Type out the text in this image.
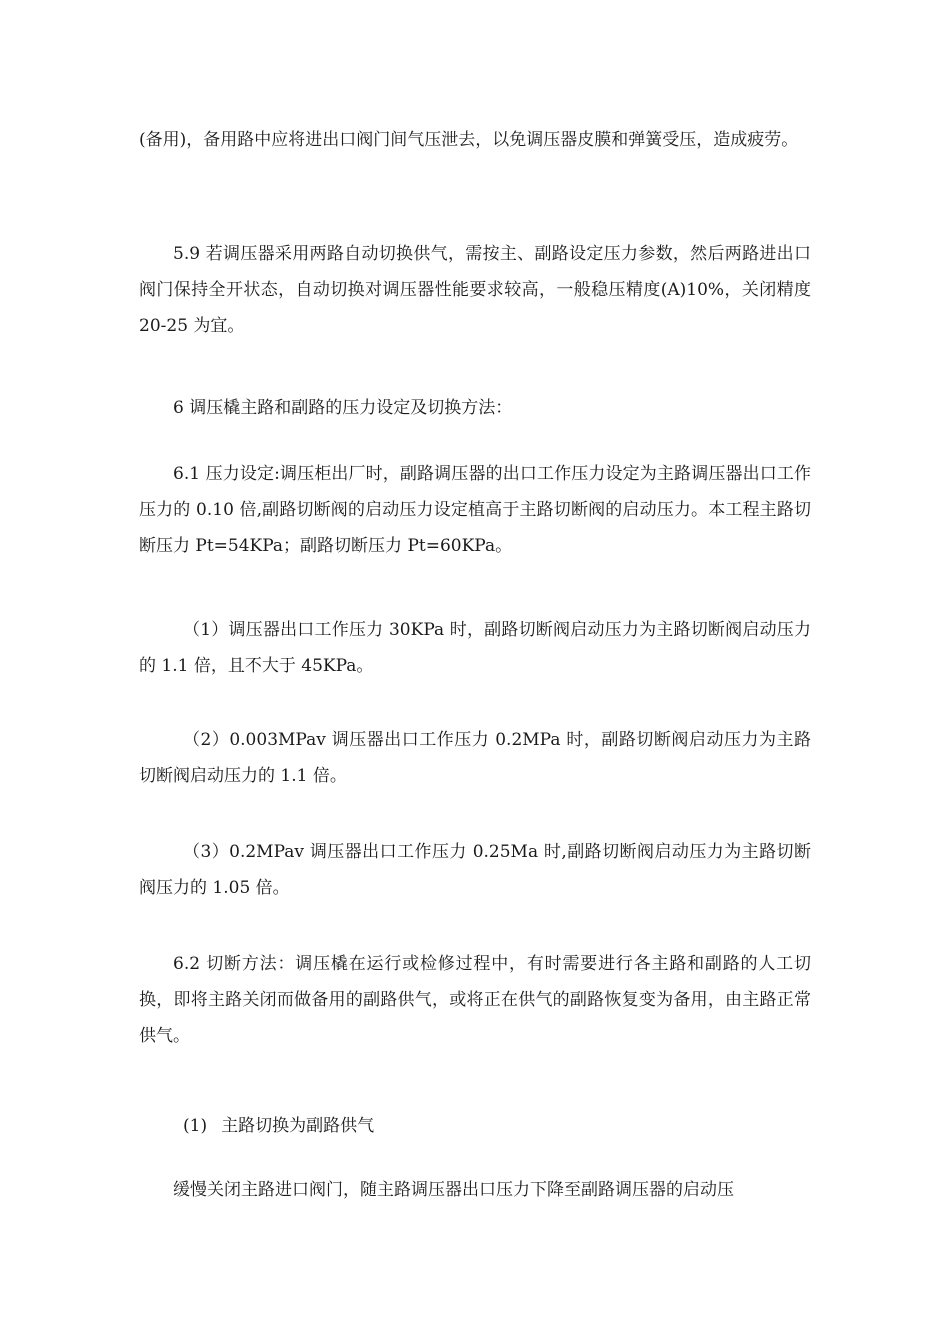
(备用)，备用路中应将进出口阀门间气压泄去，以免调压器皮膜和弹簧受压，造成疲劳。

5.9 若调压器采用两路自动切换供气，需按主、副路设定压力参数，然后两路进出口阀门保持全开状态，自动切换对调压器性能要求较高，一般稳压精度(A)10%，关闭精度 20-25 为宜。

6 调压橇主路和副路的压力设定及切换方法：

6.1 压力设定:调压柜出厂时，副路调压器的出口工作压力设定为主路调压器出口工作压力的 0.10 倍,副路切断阀的启动压力设定植高于主路切断阀的启动压力。本工程主路切断压力 Pt=54KPa；副路切断压力 Pt=60KPa。

（1）调压器出口工作压力 30KPa 时，副路切断阀启动压力为主路切断阀启动压力的 1.1 倍，且不大于 45KPa。

（2）0.003MPav 调压器出口工作压力 0.2MPa 时，副路切断阀启动压力为主路切断阀启动压力的 1.1 倍。

（3）0.2MPav 调压器出口工作压力 0.25Ma 时,副路切断阀启动压力为主路切断阀压力的 1.05 倍。

6.2 切断方法：调压橇在运行或检修过程中，有时需要进行各主路和副路的人工切换，即将主路关闭而做备用的副路供气，或将正在供气的副路恢复变为备用，由主路正常供气。

(1) 主路切换为副路供气

缓慢关闭主路进口阀门，随主路调压器出口压力下降至副路调压器的启动压
